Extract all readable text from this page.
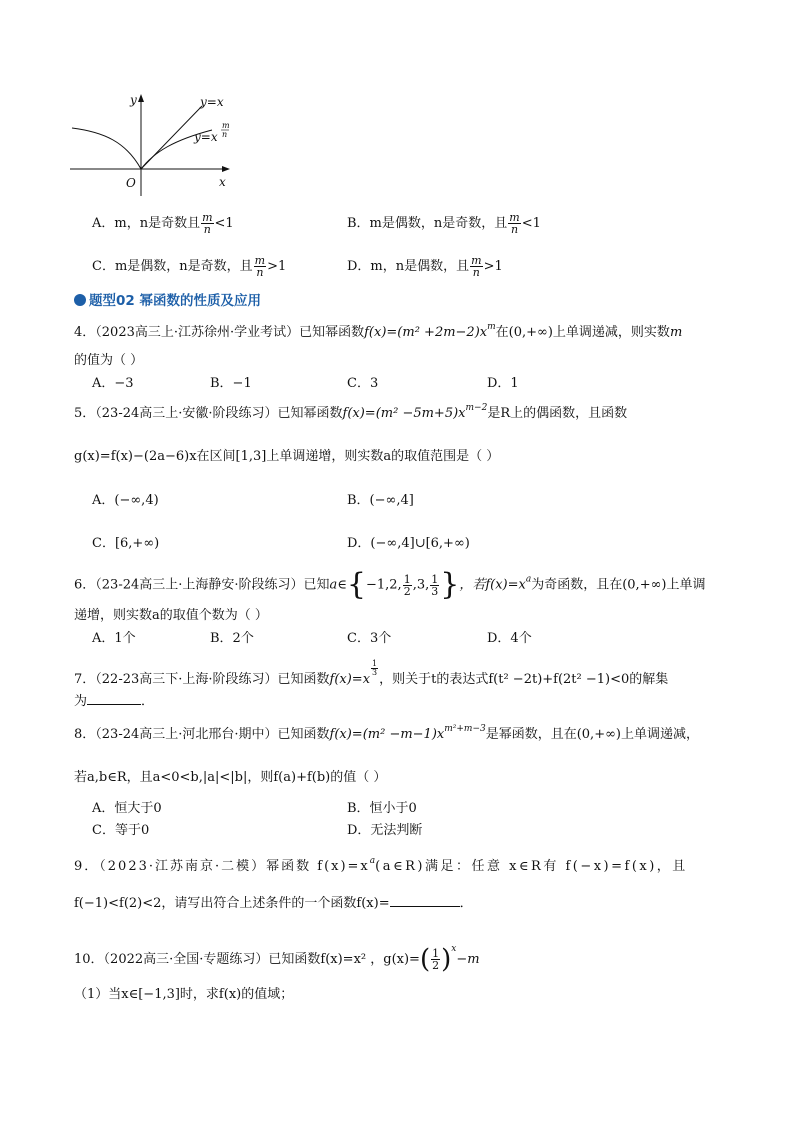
y
x
O
y=x
y=x
m
n
A．m，n是奇数且 $\frac{m}{n} <1$	B．m是偶数，n是奇数，且 $\frac{m}{n} <1$
C．m是偶数，n是奇数，且 $\frac{m}{n} >1$	D．m，n是偶数，且 $\frac{m}{n} >1$
题型02 幂函数的性质及应用
4．（2023高三上·江苏徐州·学业考试）已知幂函数$f(x)=(m^2 +2m-2)x^m$在(0,+∞)上单调递减，则实数m
的值为（ ）
A．−3	B．−1	C．3	D．1
5．（23-24高三上·安徽·阶段练习）已知幂函数$f(x)=(m^2 -5m+5)x^{m-2}$是R上的偶函数，且函数
g(x)=f(x)−(2a−6)x在区间[1,3]上单调递增，则实数a的取值范围是（ ）
A．(−∞,4)	B．(−∞,4]
C．[6,+∞)	D．(−∞,4]∪[6,+∞)
6．（23-24高三上·上海静安·阶段练习）已知a∈{−1,2, $\frac{1}{2} ,3$, $\frac{1}{3}$ }，若$f(x)=x^a$为奇函数，且在(0,+∞)上单调
递增，则实数a的取值个数为（ ）
A．1个	B．2个	C．3个	D．4个
7．（22-23高三下·上海·阶段练习）已知函数f(x)=x
$\frac{1}{3}$
，则关于t的表达式f(t² −2t)+f(2t² −1)<0的解集
为	．
8．（23-24高三上·河北邢台·期中）已知函数$f(x)=(m^2 -m-1)x^{m^2+m-3}$是幂函数，且在(0,+∞)上单调递减，
若a,b∈R，且a<0<b,|a|<|b|，则f(a)+f(b)的值（ ）
A．恒大于0	B．恒小于0
C．等于0	D．无法判断
9．（2023·江苏南京·二模）幂函数 $f(x)=x^a(a\in R)$满足：任意 x∈R有 f(−x)=f(x)，且
f(−1)<f(2)<2，请写出符合上述条件的一个函数f(x)=	．
10．（2022高三·全国·专题练习）已知函数f(x)=x² ，$g(x)=( \frac{1}{2} )^x-m$
（1）当x∈[−1,3]时，求f(x)的值域；
